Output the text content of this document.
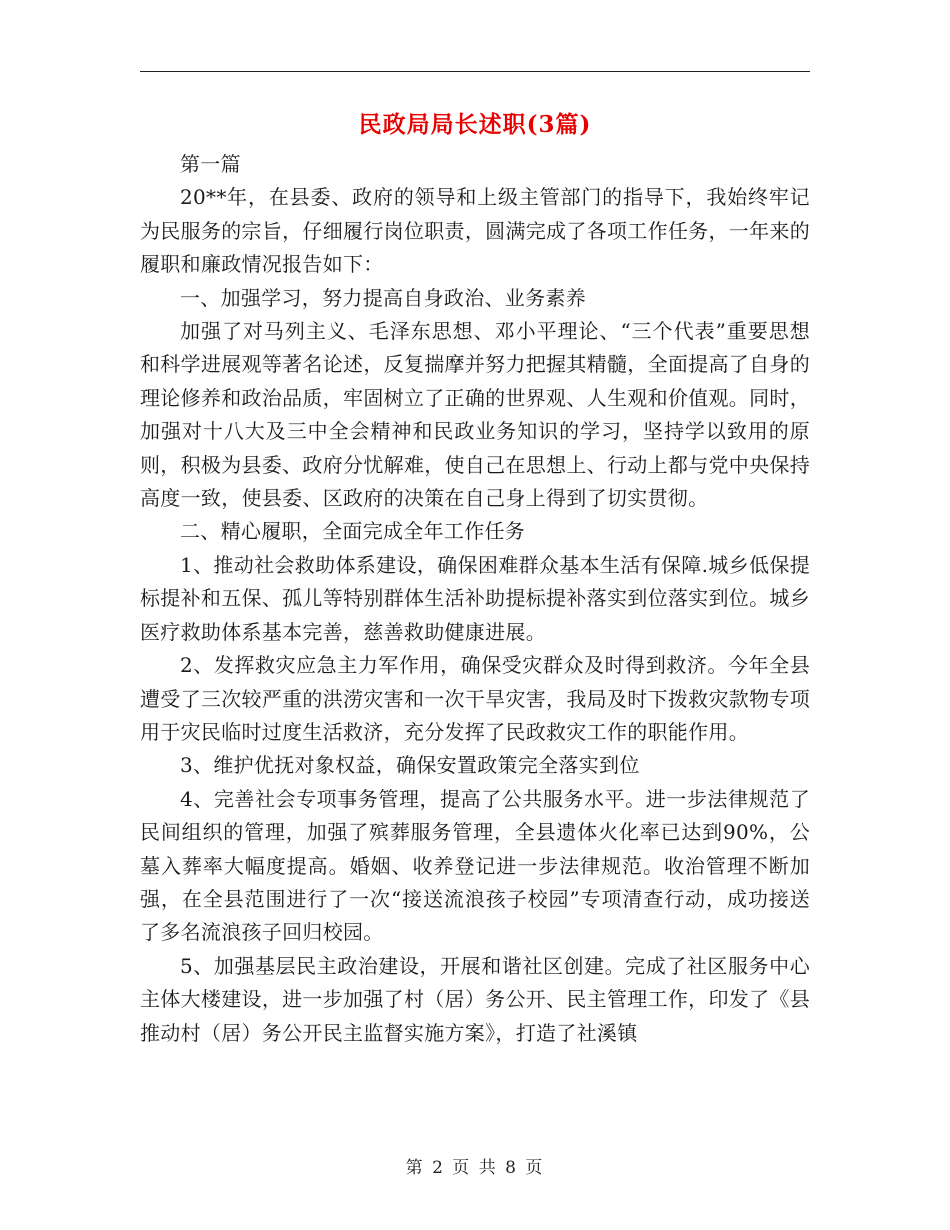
民政局局长述职(3篇)

第一篇

20**年，在县委、政府的领导和上级主管部门的指导下，我始终牢记为民服务的宗旨，仔细履行岗位职责，圆满完成了各项工作任务，一年来的履职和廉政情况报告如下：

一、加强学习，努力提高自身政治、业务素养

加强了对马列主义、毛泽东思想、邓小平理论、“三个代表”重要思想和科学进展观等著名论述，反复揣摩并努力把握其精髓，全面提高了自身的理论修养和政治品质，牢固树立了正确的世界观、人生观和价值观。同时，加强对十八大及三中全会精神和民政业务知识的学习，坚持学以致用的原则，积极为县委、政府分忧解难，使自己在思想上、行动上都与党中央保持高度一致，使县委、区政府的决策在自己身上得到了切实贯彻。

二、精心履职，全面完成全年工作任务

1、推动社会救助体系建设，确保困难群众基本生活有保障.城乡低保提标提补和五保、孤儿等特别群体生活补助提标提补落实到位落实到位。城乡医疗救助体系基本完善，慈善救助健康进展。

2、发挥救灾应急主力军作用，确保受灾群众及时得到救济。今年全县遭受了三次较严重的洪涝灾害和一次干旱灾害，我局及时下拨救灾款物专项用于灾民临时过度生活救济，充分发挥了民政救灾工作的职能作用。

3、维护优抚对象权益，确保安置政策完全落实到位

4、完善社会专项事务管理，提高了公共服务水平。进一步法律规范了民间组织的管理，加强了殡葬服务管理，全县遗体火化率已达到90%，公墓入葬率大幅度提高。婚姻、收养登记进一步法律规范。收治管理不断加强，在全县范围进行了一次“接送流浪孩子校园”专项清查行动，成功接送了多名流浪孩子回归校园。

5、加强基层民主政治建设，开展和谐社区创建。完成了社区服务中心主体大楼建设，进一步加强了村（居）务公开、民主管理工作，印发了《县推动村（居）务公开民主监督实施方案》，打造了社溪镇

第 2 页 共 8 页
